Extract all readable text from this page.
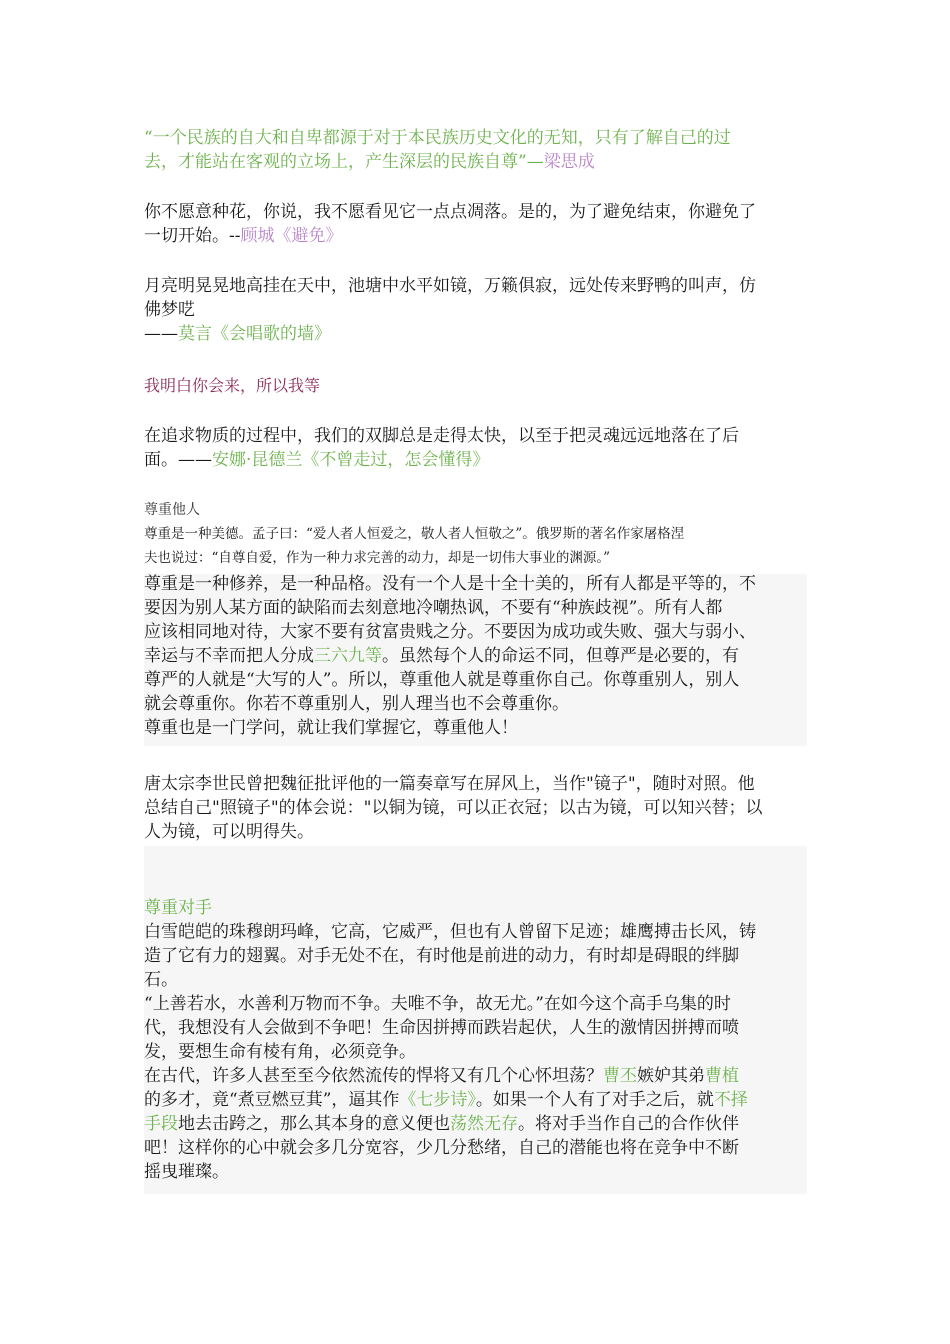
“一个民族的自大和自卑都源于对于本民族历史文化的无知，只有了解自己的过
去，才能站在客观的立场上，产生深层的民族自尊”—梁思成
你不愿意种花，你说，我不愿看见它一点点凋落。是的，为了避免结束，你避免了
一切开始。--顾城《避免》
月亮明晃晃地高挂在天中，池塘中水平如镜，万籁俱寂，远处传来野鸭的叫声，仿
佛梦呓
——莫言《会唱歌的墙》
我明白你会来，所以我等
在追求物质的过程中，我们的双脚总是走得太快，以至于把灵魂远远地落在了后
面。——安娜·昆德兰《不曾走过，怎会懂得》
尊重他人
尊重是一种美德。孟子曰：“爱人者人恒爱之，敬人者人恒敬之”。俄罗斯的著名作家屠格涅
夫也说过：“自尊自爱，作为一种力求完善的动力，却是一切伟大事业的渊源。”
尊重是一种修养，是一种品格。没有一个人是十全十美的，所有人都是平等的，不
要因为别人某方面的缺陷而去刻意地冷嘲热讽，不要有“种族歧视”。所有人都
应该相同地对待，大家不要有贫富贵贱之分。不要因为成功或失败、强大与弱小、
幸运与不幸而把人分成三六九等。虽然每个人的命运不同，但尊严是必要的，有
尊严的人就是“大写的人”。所以，尊重他人就是尊重你自己。你尊重别人，别人
就会尊重你。你若不尊重别人，别人理当也不会尊重你。
尊重也是一门学问，就让我们掌握它，尊重他人！
唐太宗李世民曾把魏征批评他的一篇奏章写在屏风上，当作"镜子"，随时对照。他
总结自己"照镜子"的体会说："以铜为镜，可以正衣冠；以古为镜，可以知兴替；以
人为镜，可以明得失。
尊重对手
白雪皑皑的珠穆朗玛峰，它高，它威严，但也有人曾留下足迹；雄鹰搏击长风，铸
造了它有力的翅翼。对手无处不在，有时他是前进的动力，有时却是碍眼的绊脚
石。
“上善若水，水善利万物而不争。夫唯不争，故无尤。”在如今这个高手乌集的时
代，我想没有人会做到不争吧！生命因拼搏而跌岩起伏，人生的激情因拼搏而喷
发，要想生命有棱有角，必须竞争。
在古代，许多人甚至至今依然流传的悍将又有几个心怀坦荡？曹丕嫉妒其弟曹植
的多才，竟“煮豆燃豆萁”，逼其作《七步诗》。如果一个人有了对手之后，就不择
手段地去击跨之，那么其本身的意义便也荡然无存。将对手当作自己的合作伙伴
吧！这样你的心中就会多几分宽容，少几分愁绪，自己的潜能也将在竞争中不断
摇曳璀璨。
